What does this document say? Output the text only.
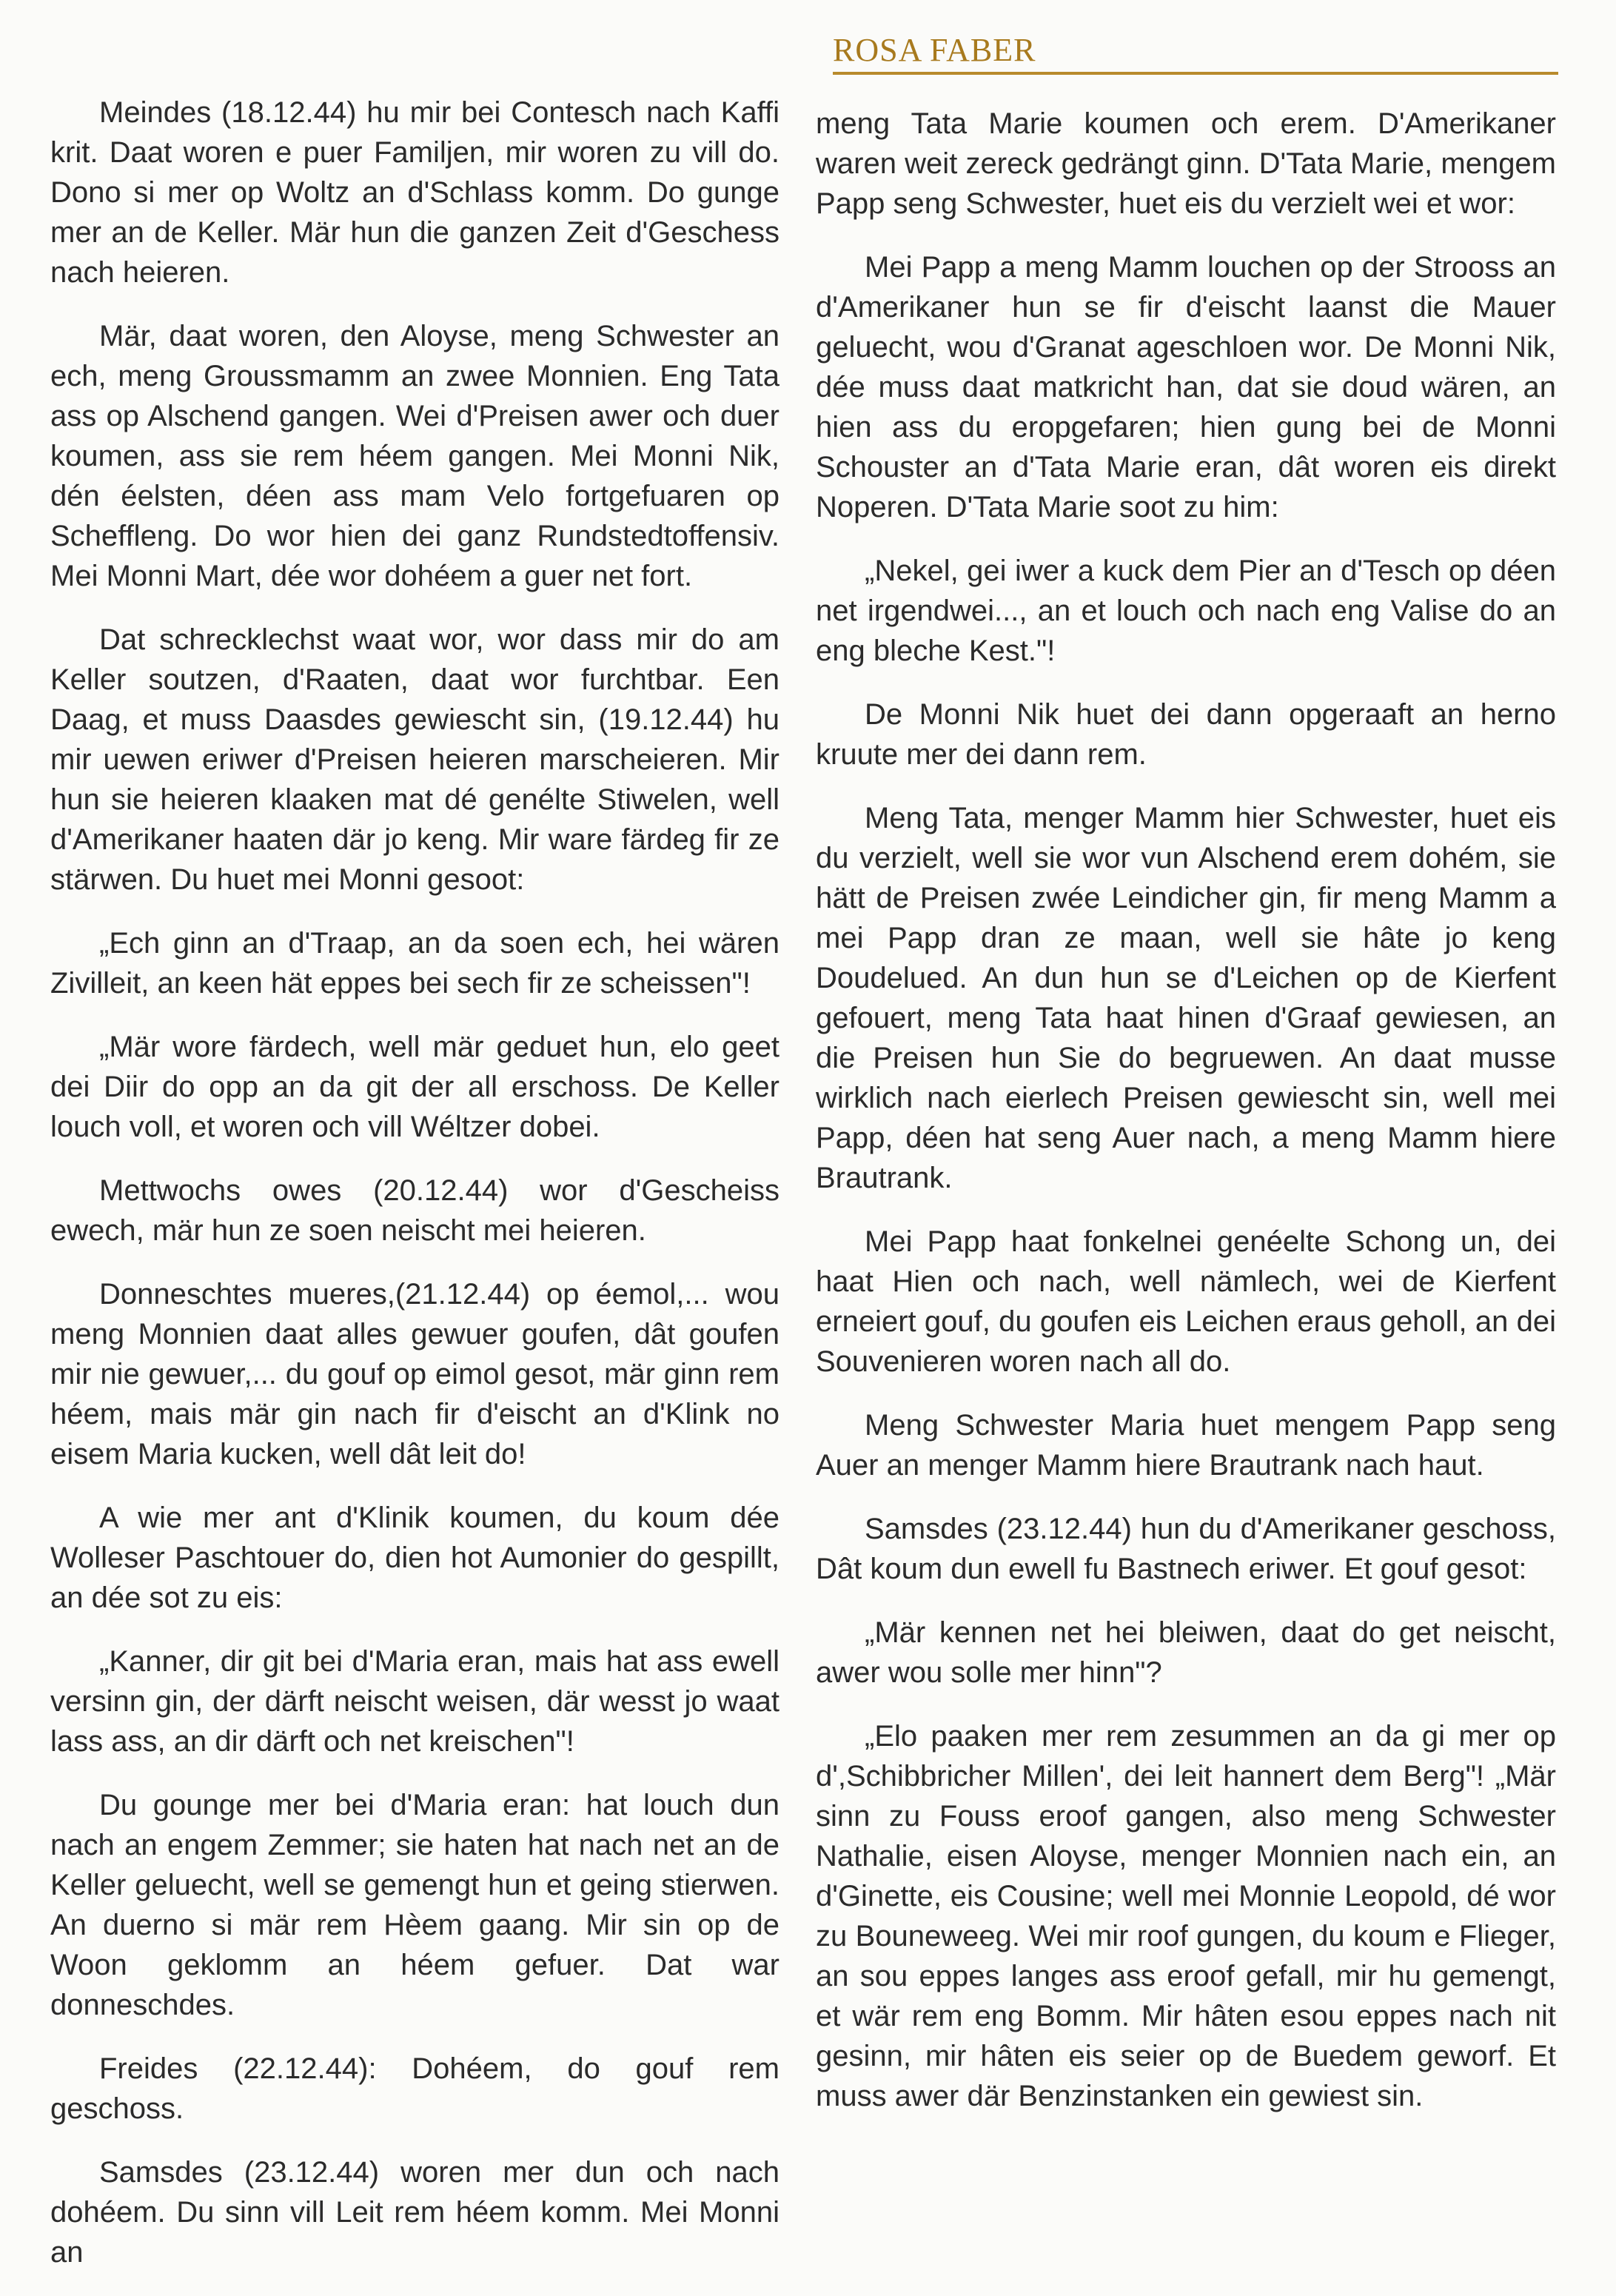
ROSA FABER

Meindes (18.12.44) hu mir bei Contesch nach Kaffi krit. Daat woren e puer Familjen, mir woren zu vill do. Dono si mer op Woltz an d'Schlass komm. Do gunge mer an de Keller. Mär hun die ganzen Zeit d'Geschess nach heieren.

Mär, daat woren, den Aloyse, meng Schwester an ech, meng Groussmamm an zwee Monnien. Eng Tata ass op Alschend gangen. Wei d'Preisen awer och duer koumen, ass sie rem héem gangen. Mei Monni Nik, dén éelsten, déen ass mam Velo fortgefuaren op Scheffleng. Do wor hien dei ganz Rundstedtoffensiv. Mei Monni Mart, dée wor dohéem a guer net fort.

Dat schrecklechst waat wor, wor dass mir do am Keller soutzen, d'Raaten, daat wor furchtbar. Een Daag, et muss Daasdes gewiescht sin, (19.12.44) hu mir uewen eriwer d'Preisen heieren marscheieren. Mir hun sie heieren klaaken mat dé genélte Stiwelen, well d'Amerikaner haaten där jo keng. Mir ware färdeg fir ze stärwen. Du huet mei Monni gesoot:

„Ech ginn an d'Traap, an da soen ech, hei wären Zivilleit, an keen hät eppes bei sech fir ze scheissen"!

„Mär wore färdech, well mär geduet hun, elo geet dei Diir do opp an da git der all erschoss. De Keller louch voll, et woren och vill Wéltzer dobei.

Mettwochs owes (20.12.44) wor d'Gescheiss ewech, mär hun ze soen neischt mei heieren.

Donneschtes mueres,(21.12.44) op éemol,... wou meng Monnien daat alles gewuer goufen, dât goufen mir nie gewuer,... du gouf op eimol gesot, mär ginn rem héem, mais mär gin nach fir d'eischt an d'Klink no eisem Maria kucken, well dât leit do!

A wie mer ant d'Klinik koumen, du koum dée Wolleser Paschtouer do, dien hot Aumonier do gespillt, an dée sot zu eis:

„Kanner, dir git bei d'Maria eran, mais hat ass ewell versinn gin, der därft neischt weisen, där wesst jo waat lass ass, an dir därft och net kreischen"!

Du gounge mer bei d'Maria eran: hat louch dun nach an engem Zemmer; sie haten hat nach net an de Keller geluecht, well se gemengt hun et geing stierwen. An duerno si mär rem Hèem gaang. Mir sin op de Woon geklomm an héem gefuer. Dat war donneschdes.

Freides (22.12.44): Dohéem, do gouf rem geschoss.

Samsdes (23.12.44) woren mer dun och nach dohéem. Du sinn vill Leit rem héem komm. Mei Monni an

meng Tata Marie koumen och erem. D'Amerikaner waren weit zereck gedrängt ginn. D'Tata Marie, mengem Papp seng Schwester, huet eis du verzielt wei et wor:

Mei Papp a meng Mamm louchen op der Strooss an d'Amerikaner hun se fir d'eischt laanst die Mauer geluecht, wou d'Granat ageschloen wor. De Monni Nik, dée muss daat matkricht han, dat sie doud wären, an hien ass du eropgefaren; hien gung bei de Monni Schouster an d'Tata Marie eran, dât woren eis direkt Noperen. D'Tata Marie soot zu him:

„Nekel, gei iwer a kuck dem Pier an d'Tesch op déen net irgendwei..., an et louch och nach eng Valise do an eng bleche Kest."!

De Monni Nik huet dei dann opgeraaft an herno kruute mer dei dann rem.

Meng Tata, menger Mamm hier Schwester, huet eis du verzielt, well sie wor vun Alschend erem dohém, sie hätt de Preisen zwée Leindicher gin, fir meng Mamm a mei Papp dran ze maan, well sie hâte jo keng Doudelued. An dun hun se d'Leichen op de Kierfent gefouert, meng Tata haat hinen d'Graaf gewiesen, an die Preisen hun Sie do begruewen. An daat musse wirklich nach eierlech Preisen gewiescht sin, well mei Papp, déen hat seng Auer nach, a meng Mamm hiere Brautrank.

Mei Papp haat fonkelnei genéelte Schong un, dei haat Hien och nach, well nämlech, wei de Kierfent erneiert gouf, du goufen eis Leichen eraus geholl, an dei Souvenieren woren nach all do.

Meng Schwester Maria huet mengem Papp seng Auer an menger Mamm hiere Brautrank nach haut.

Samsdes (23.12.44) hun du d'Amerikaner geschoss, Dât koum dun ewell fu Bastnech eriwer. Et gouf gesot:

„Mär kennen net hei bleiwen, daat do get neischt, awer wou solle mer hinn"?

„Elo paaken mer rem zesummen an da gi mer op d',Schibbricher Millen', dei leit hannert dem Berg"! „Mär sinn zu Fouss eroof gangen, also meng Schwester Nathalie, eisen Aloyse, menger Monnien nach ein, an d'Ginette, eis Cousine; well mei Monnie Leopold, dé wor zu Bouneweeg. Wei mir roof gungen, du koum e Flieger, an sou eppes langes ass eroof gefall, mir hu gemengt, et wär rem eng Bomm. Mir hâten esou eppes nach nit gesinn, mir hâten eis seier op de Buedem geworf. Et muss awer där Benzinstanken ein gewiest sin.
